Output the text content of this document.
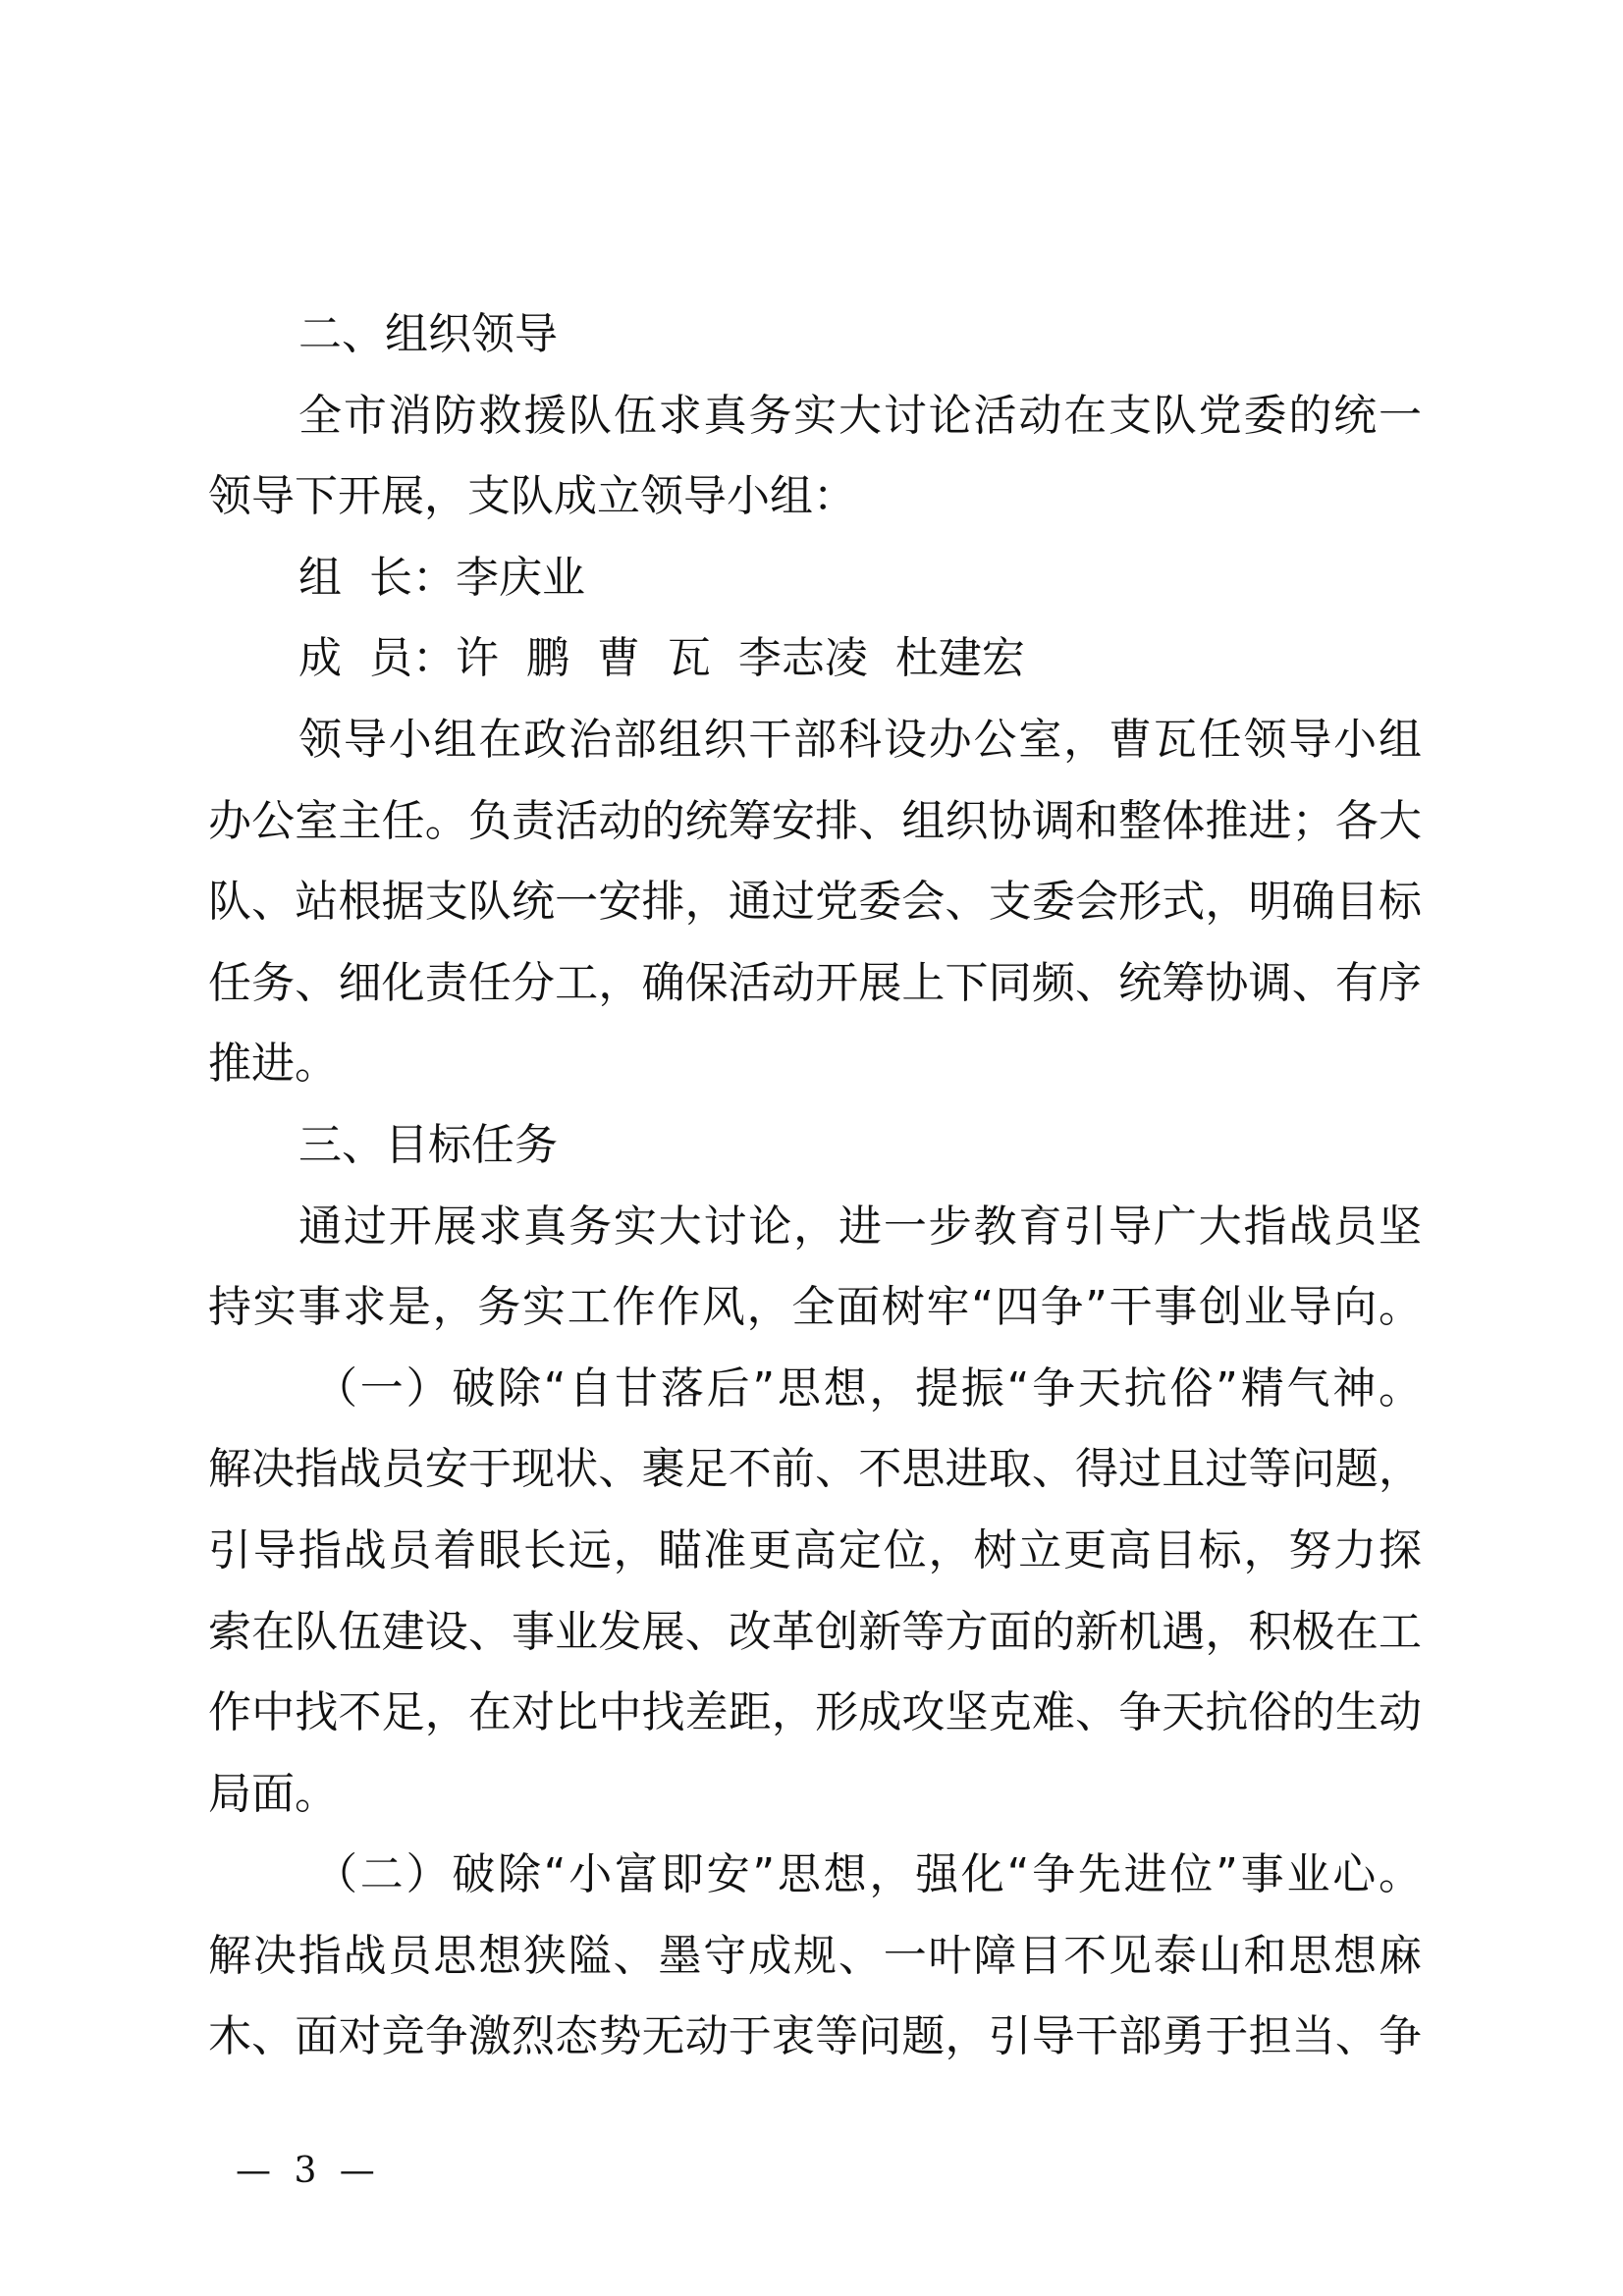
二、组织领导
全市消防救援队伍求真务实大讨论活动在支队党委的统一
领导下开展，支队成立领导小组：
组  长：李庆业
成  员：许  鹏  曹  瓦  李志凌  杜建宏
领导小组在政治部组织干部科设办公室，曹瓦任领导小组
办公室主任。负责活动的统筹安排、组织协调和整体推进；各大
队、站根据支队统一安排，通过党委会、支委会形式，明确目标
任务、细化责任分工，确保活动开展上下同频、统筹协调、有序
推进。
三、目标任务
通过开展求真务实大讨论，进一步教育引导广大指战员坚
持实事求是，务实工作作风，全面树牢“四争”干事创业导向。
（一）破除“自甘落后”思想，提振“争天抗俗”精气神。
解决指战员安于现状、裹足不前、不思进取、得过且过等问题，
引导指战员着眼长远，瞄准更高定位，树立更高目标，努力探
索在队伍建设、事业发展、改革创新等方面的新机遇，积极在工
作中找不足，在对比中找差距，形成攻坚克难、争天抗俗的生动
局面。
（二）破除“小富即安”思想，强化“争先进位”事业心。
解决指战员思想狭隘、墨守成规、一叶障目不见泰山和思想麻
木、面对竞争激烈态势无动于衷等问题，引导干部勇于担当、争
— 3 —
